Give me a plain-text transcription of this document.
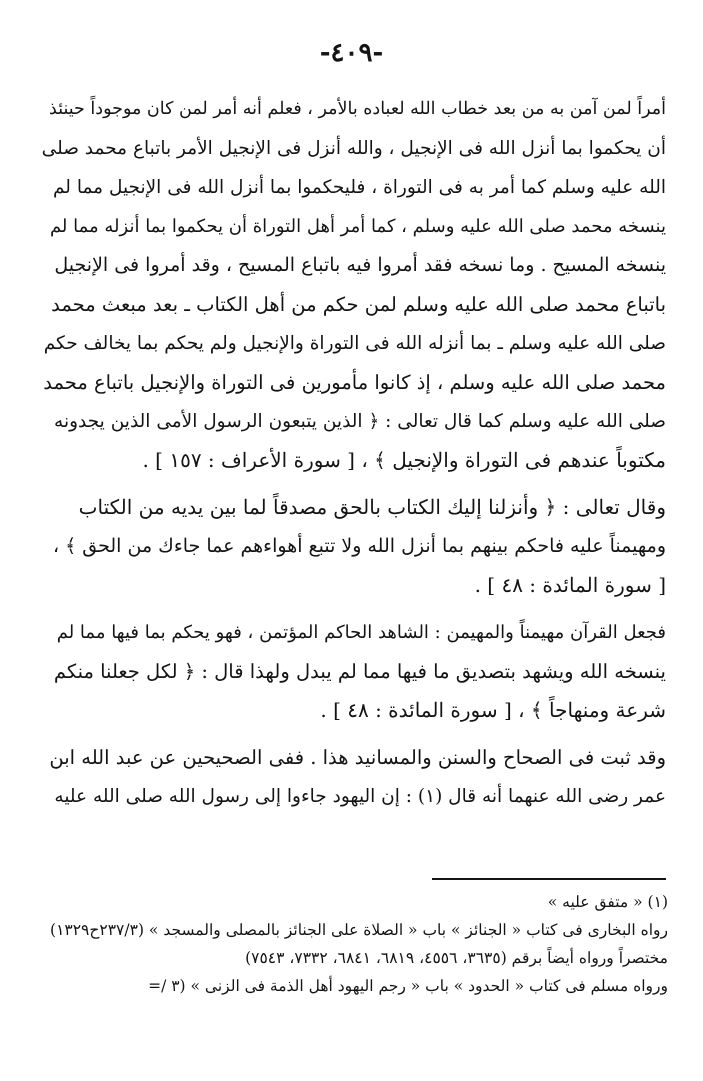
-٤٠٩-

أمراً لمن آمن به من بعد خطاب الله لعباده بالأمر ، فعلم أنه أمر لمن كان موجوداً حينئذ
أن يحكموا بما أنزل الله فى الإنجيل ، والله أنزل فى الإنجيل الأمر باتباع محمد صلى
الله عليه وسلم كما أمر به فى التوراة ، فليحكموا بما أنزل الله فى الإنجيل مما لم
ينسخه محمد صلى الله عليه وسلم ، كما أمر أهل التوراة أن يحكموا بما أنزله مما لم
ينسخه المسيح . وما نسخه فقد أمروا فيه باتباع المسيح ، وقد أمروا فى الإنجيل
باتباع محمد صلى الله عليه وسلم لمن حكم من أهل الكتاب ـ بعد مبعث محمد
صلى الله عليه وسلم ـ بما أنزله الله فى التوراة والإنجيل ولم يحكم بما يخالف حكم
محمد صلى الله عليه وسلم ، إذ كانوا مأمورين فى التوراة والإنجيل باتباع محمد
صلى الله عليه وسلم كما قال تعالى : ﴿ الذين يتبعون الرسول الأمى الذين يجدونه
مكتوباً عندهم فى التوراة والإنجيل ﴾ ، [ سورة الأعراف : ١٥٧ ] .

وقال تعالى : ﴿ وأنزلنا إليك الكتاب بالحق مصدقاً لما بين يديه من الكتاب
ومهيمناً عليه فاحكم بينهم بما أنزل الله ولا تتبع أهواءهم عما جاءك من الحق ﴾ ،
[ سورة المائدة : ٤٨ ] .

فجعل القرآن مهيمناً والمهيمن : الشاهد الحاكم المؤتمن ، فهو يحكم بما فيها مما لم
ينسخه الله ويشهد بتصديق ما فيها مما لم يبدل ولهذا قال : ﴿ لكل جعلنا منكم
شرعة ومنهاجاً ﴾ ، [ سورة المائدة : ٤٨ ] .

وقد ثبت فى الصحاح والسنن والمسانيد هذا . ففى الصحيحين عن عبد الله ابن
عمر رضى الله عنهما أنه قال (١) : إن اليهود جاءوا إلى رسول الله صلى الله عليه

(١) « متفق عليه »
رواه البخارى فى كتاب « الجنائز » باب « الصلاة على الجنائز بالمصلى والمسجد » (٢٣٧/٣ح١٣٢٩)
مختصراً ورواه أيضاً برقم (٣٦٣٥، ٤٥٥٦، ٦٨١٩، ٦٨٤١، ٧٣٣٢، ٧٥٤٣)
ورواه مسلم فى كتاب « الحدود » باب « رجم اليهود أهل الذمة فى الزنى » (٣ /=
